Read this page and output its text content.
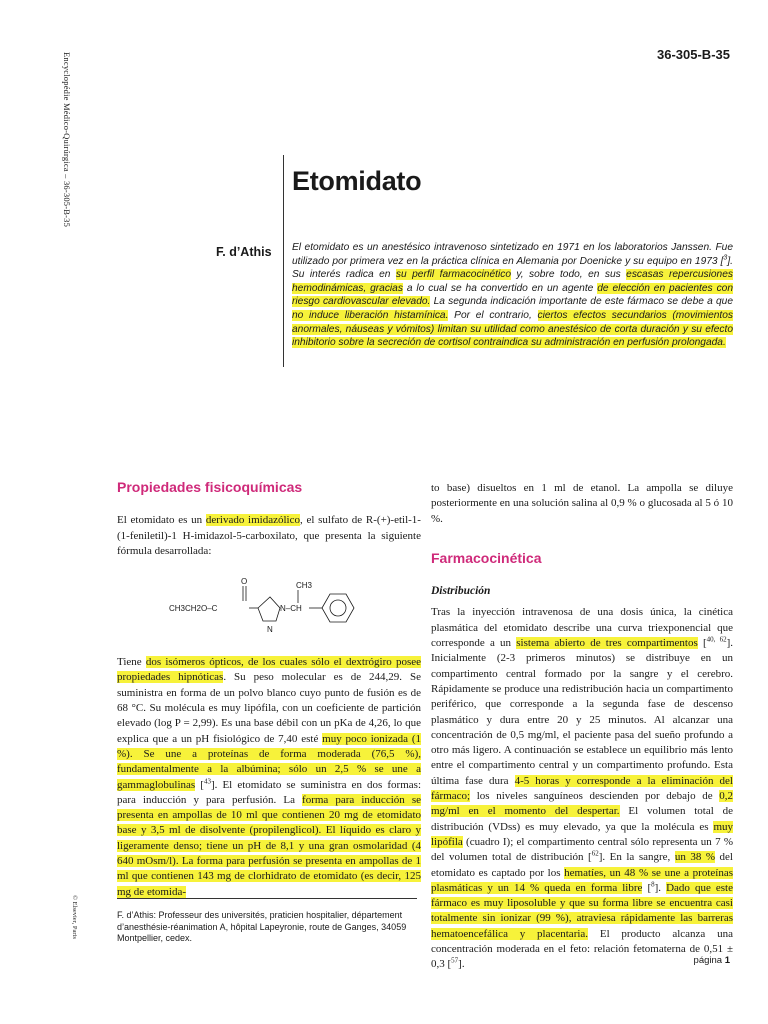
Encyclopédie Médico-Quirúrgica – 36-305-B-35
© Elsevier, Paris
36-305-B-35
Etomidato
F. d’Athis El etomidato es un anestésico intravenoso sintetizado en 1971 en los laboratorios Janssen. Fue utilizado por primera vez en la práctica clínica en Alemania por Doenicke y su equipo en 1973 [$^3$]. Su interés radica en su perfil farmacocinético y, sobre todo, en sus escasas repercusiones hemodinámicas, gracias a lo cual se ha convertido en un agente de elección en pacientes con riesgo cardiovascular elevado. La segunda indicación importante de este fármaco se debe a que no induce liberación histamínica. Por el contrario, ciertos efectos secundarios (movimientos anormales, náuseas y vómitos) limitan su utilidad como anestésico de corta duración y su efecto inhibitorio sobre la secreción de cortisol contraindica su administración en perfusión prolongada.
Propiedades fisicoquímicas

El etomidato es un derivado imidazólico, el sulfato de R-(+)-etil-1-(1-feniletil)-1 H-imidazol-5-carboxilato, que presenta la siguiente fórmula desarrollada:

O	CH3
CH3CH2O–C	N–CH
N

Tiene dos isómeros ópticos, de los cuales sólo el dextrógiro posee propiedades hipnóticas. Su peso molecular es de 244,29. Se suministra en forma de un polvo blanco cuyo punto de fusión es de 68 °C. Su molécula es muy lipófila, con un coeficiente de partición elevado (log P = 2,99). Es una base débil con un pKa de 4,26, lo que explica que a un pH fisiológico de 7,40 esté muy poco ionizada (1 %). Se une a proteínas de forma moderada (76,5 %), fundamentalmente a la albúmina; sólo un 2,5 % se une a gammaglobulinas [$^{43}$]. El etomidato se suministra en dos formas: para inducción y para perfusión. La forma para inducción se presenta en ampollas de 10 ml que contienen 20 mg de etomidato base y 3,5 ml de disolvente (propilenglicol). El líquido es claro y ligeramente denso; tiene un pH de 8,1 y una gran osmolaridad (4 640 mOsm/l). La forma para perfusión se presenta en ampollas de 1 ml que contienen 143 mg de clorhidrato de etomidato (es decir, 125 mg de etomida-

F. d’Athis: Professeur des universités, praticien hospitalier, département d’anesthésie-réanimation A, hôpital Lapeyronie, route de Ganges, 34059 Montpellier, cedex.

to base) disueltos en 1 ml de etanol. La ampolla se diluye posteriormente en una solución salina al 0,9 % o glucosada al 5 ó 10 %.

Farmacocinética
Distribución

Tras la inyección intravenosa de una dosis única, la cinética plasmática del etomidato describe una curva triexponencial que corresponde a un sistema abierto de tres compartimentos [$^{40, 62}$]. Inicialmente (2-3 primeros minutos) se distribuye en un compartimento central formado por la sangre y el cerebro. Rápidamente se produce una redistribución hacia un compartimento periférico, que corresponde a la segunda fase de descenso plasmático y dura entre 20 y 25 minutos. Al alcanzar una concentración de 0,5 mg/ml, el paciente pasa del sueño profundo a otro más ligero. A continuación se establece un equilibrio más lento entre el compartimento central y un compartimento profundo. Esta última fase dura 4-5 horas y corresponde a la eliminación del fármaco; los niveles sanguíneos descienden por debajo de 0,2 mg/ml en el momento del despertar. El volumen total de distribución (VDss) es muy elevado, ya que la molécula es muy lipófila (cuadro I); el compartimento central sólo representa un 7 % del volumen total de distribución [$^{62}$]. En la sangre, un 38 % del etomidato es captado por los hematíes, un 48 % se une a proteínas plasmáticas y un 14 % queda en forma libre [$^8$]. Dado que este fármaco es muy liposoluble y que su forma libre se encuentra casi totalmente sin ionizar (99 %), atraviesa rápidamente las barreras hematoencefálica y placentaria. El producto alcanza una concentración moderada en el feto: relación fetomaterna de 0,51 ± 0,3 [$^{57}$].	página 1
